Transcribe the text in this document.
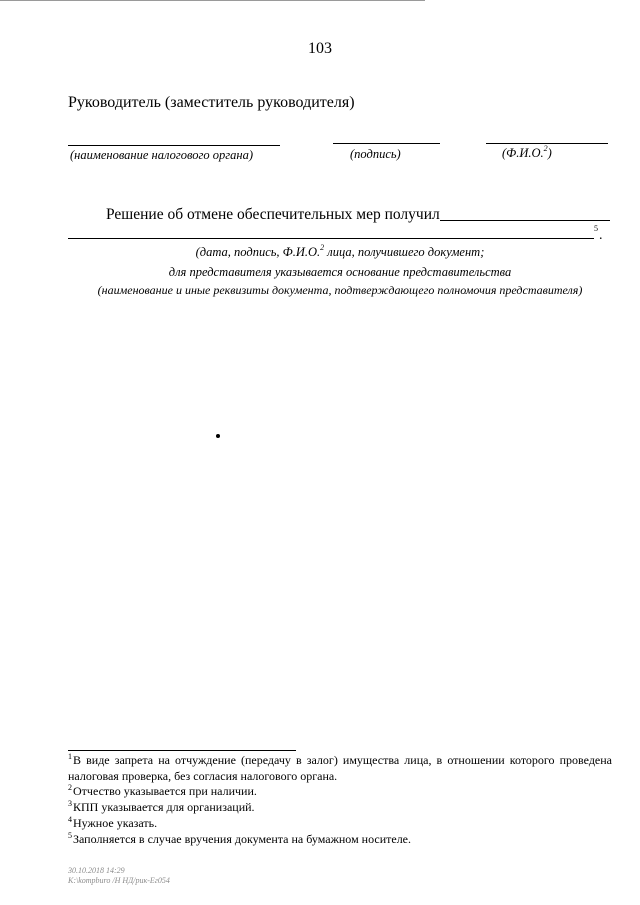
103
Руководитель (заместитель руководителя)
(наименование налогового органа)	(подпись)	(Ф.И.О.$^2$)
Решение об отмене обеспечительных мер получил
5 .
(дата, подпись, Ф.И.О.$^2$ лица, получившего документ;
для представителя указывается основание представительства
(наименование и иные реквизиты документа, подтверждающего полномочия представителя)

$^1$В виде запрета на отчуждение (передачу в залог) имущества лица, в отношении которого проведена налоговая проверка, без согласия налогового органа.

$^2$Отчество указывается при наличии.

$^3$КПП указывается для организаций.

$^4$Нужное указать.

$^5$Заполняется в случае вручения документа на бумажном носителе.

30.10.2018 14:29
K:\kompburo /Н НД/рик-Ег054
